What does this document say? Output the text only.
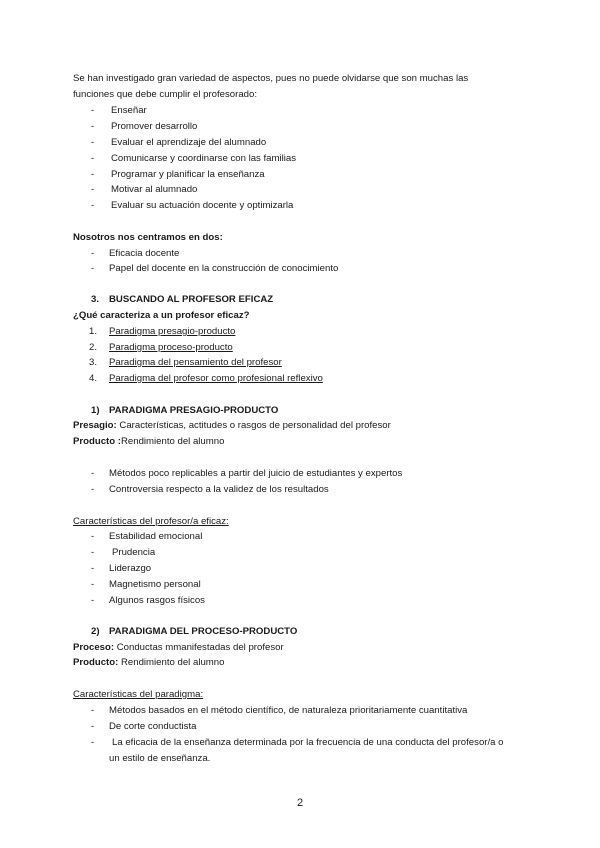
Se han investigado gran variedad de aspectos, pues no puede olvidarse que son muchas las
funciones que debe cumplir el profesorado:
- Enseñar
- Promover desarrollo
- Evaluar el aprendizaje del alumnado
- Comunicarse y coordinarse con las familias
- Programar y planificar la enseñanza
- Motivar al alumnado
- Evaluar su actuación docente y optimizarla
Nosotros nos centramos en dos:
- Eficacia docente
- Papel del docente en la construcción de conocimiento
3. BUSCANDO AL PROFESOR EFICAZ
¿Qué caracteriza a un profesor eficaz?
1. Paradigma presagio-producto
2. Paradigma proceso-producto
3. Paradigma del pensamiento del profesor
4. Paradigma del profesor como profesional reflexivo
1) PARADIGMA PRESAGIO-PRODUCTO
Presagio: Características, actitudes o rasgos de personalidad del profesor
Producto :Rendimiento del alumno
- Métodos poco replicables a partir del juicio de estudiantes y expertos
- Controversia respecto a la validez de los resultados
Características del profesor/a eficaz:
- Estabilidad emocional
- Prudencia
- Liderazgo
- Magnetismo personal
- Algunos rasgos físicos
2) PARADIGMA DEL PROCESO-PRODUCTO
Proceso: Conductas mmanifestadas del profesor
Producto: Rendimiento del alumno
Características del paradigma:
- Métodos basados en el método científico, de naturaleza prioritariamente cuantitativa
- De corte conductista
- La eficacia de la enseñanza determinada por la frecuencia de una conducta del profesor/a o
un estilo de enseñanza.
2
